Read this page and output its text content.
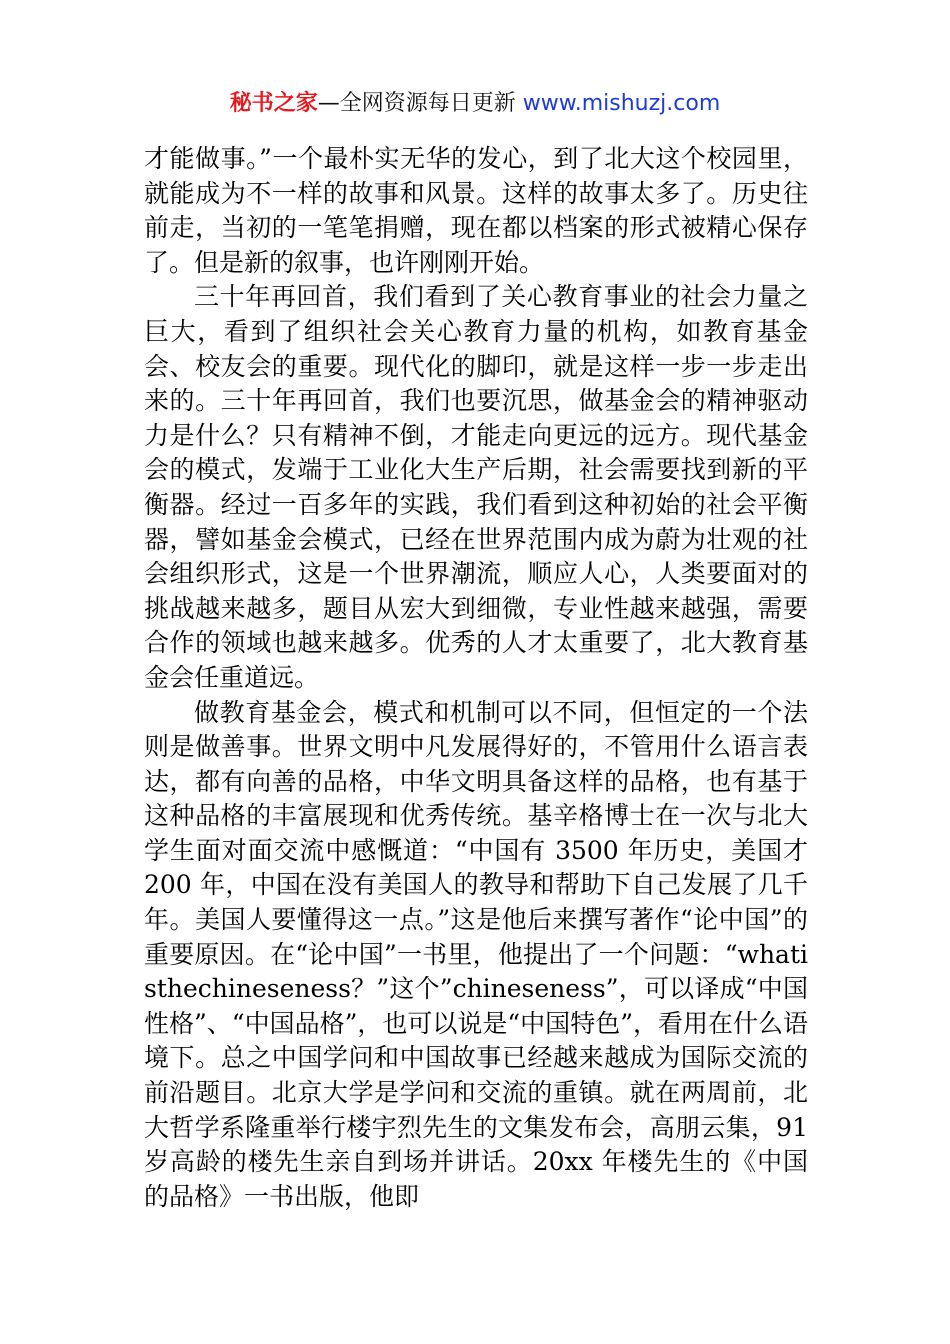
秘书之家—全网资源每日更新 www.mishuzj.com

才能做事。”一个最朴实无华的发心，到了北大这个校园里，就能成为不一样的故事和风景。这样的故事太多了。历史往前走，当初的一笔笔捐赠，现在都以档案的形式被精心保存了。但是新的叙事，也许刚刚开始。

三十年再回首，我们看到了关心教育事业的社会力量之巨大，看到了组织社会关心教育力量的机构，如教育基金会、校友会的重要。现代化的脚印，就是这样一步一步走出来的。三十年再回首，我们也要沉思，做基金会的精神驱动力是什么？只有精神不倒，才能走向更远的远方。现代基金会的模式，发端于工业化大生产后期，社会需要找到新的平衡器。经过一百多年的实践，我们看到这种初始的社会平衡器，譬如基金会模式，已经在世界范围内成为蔚为壮观的社会组织形式，这是一个世界潮流，顺应人心，人类要面对的挑战越来越多，题目从宏大到细微，专业性越来越强，需要合作的领域也越来越多。优秀的人才太重要了，北大教育基金会任重道远。

做教育基金会，模式和机制可以不同，但恒定的一个法则是做善事。世界文明中凡发展得好的，不管用什么语言表达，都有向善的品格，中华文明具备这样的品格，也有基于这种品格的丰富展现和优秀传统。基辛格博士在一次与北大学生面对面交流中感慨道：“中国有 3500 年历史，美国才 200 年，中国在没有美国人的教导和帮助下自己发展了几千年。美国人要懂得这一点。”这是他后来撰写著作“论中国”的重要原因。在“论中国”一书里，他提出了一个问题：“whatisthechineseness？”这个”chineseness”，可以译成“中国性格”、“中国品格”，也可以说是“中国特色”，看用在什么语境下。总之中国学问和中国故事已经越来越成为国际交流的前沿题目。北京大学是学问和交流的重镇。就在两周前，北大哲学系隆重举行楼宇烈先生的文集发布会，高朋云集，91 岁高龄的楼先生亲自到场并讲话。20xx 年楼先生的《中国的品格》一书出版，他即
